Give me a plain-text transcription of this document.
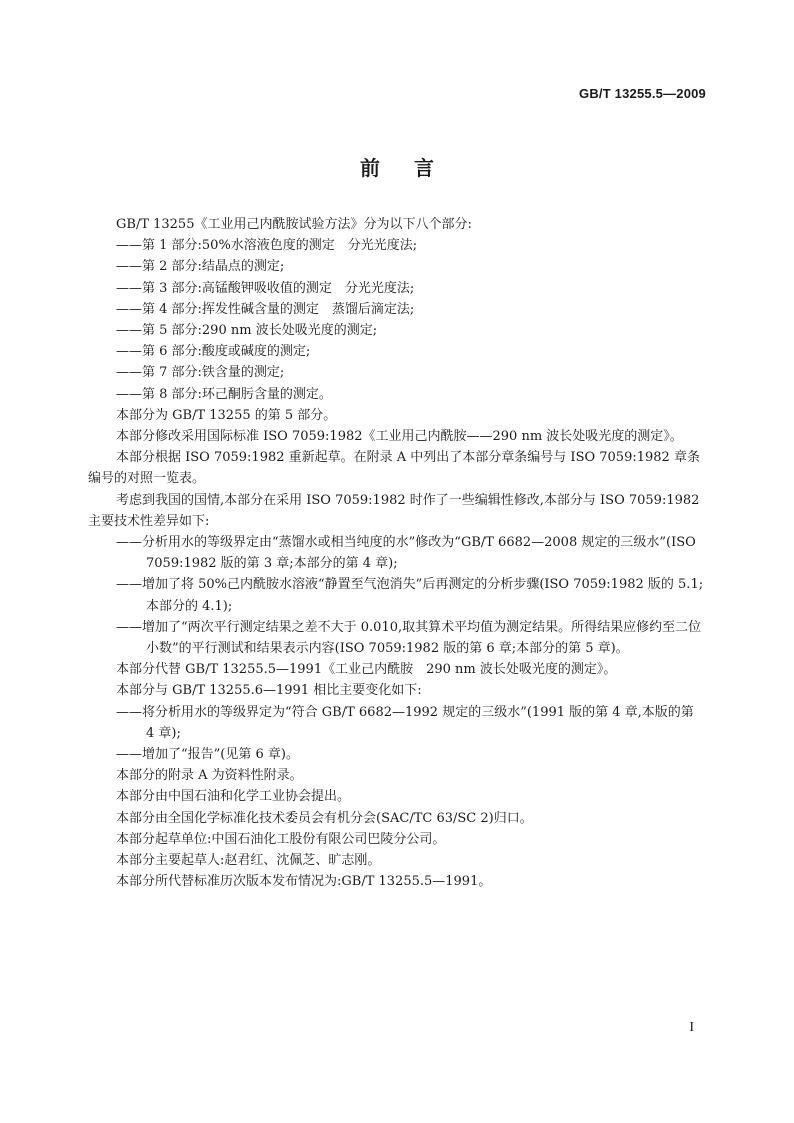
GB/T 13255.5—2009
前言

GB/T 13255《工业用己内酰胺试验方法》分为以下八个部分:

——第 1 部分:50%水溶液色度的测定　分光光度法;

——第 2 部分:结晶点的测定;

——第 3 部分:高锰酸钾吸收值的测定　分光光度法;

——第 4 部分:挥发性碱含量的测定　蒸馏后滴定法;

——第 5 部分:290 nm 波长处吸光度的测定;

——第 6 部分:酸度或碱度的测定;

——第 7 部分:铁含量的测定;

——第 8 部分:环己酮肟含量的测定。

本部分为 GB/T 13255 的第 5 部分。

本部分修改采用国际标准 ISO 7059:1982《工业用己内酰胺——290 nm 波长处吸光度的测定》。

本部分根据 ISO 7059:1982 重新起草。在附录 A 中列出了本部分章条编号与 ISO 7059:1982 章条编号的对照一览表。

考虑到我国的国情,本部分在采用 ISO 7059:1982 时作了一些编辑性修改,本部分与 ISO 7059:1982 主要技术性差异如下:

——分析用水的等级界定由“蒸馏水或相当纯度的水”修改为“GB/T 6682—2008 规定的三级水”(ISO 7059:1982 版的第 3 章;本部分的第 4 章);

——增加了将 50%己内酰胺水溶液“静置至气泡消失”后再测定的分析步骤(ISO 7059:1982 版的 5.1;本部分的 4.1);

——增加了“两次平行测定结果之差不大于 0.010,取其算术平均值为测定结果。所得结果应修约至二位小数”的平行测试和结果表示内容(ISO 7059:1982 版的第 6 章;本部分的第 5 章)。

本部分代替 GB/T 13255.5—1991《工业己内酰胺　290 nm 波长处吸光度的测定》。

本部分与 GB/T 13255.6—1991 相比主要变化如下:

——将分析用水的等级界定为“符合 GB/T 6682—1992 规定的三级水”(1991 版的第 4 章,本版的第 4 章);

——增加了“报告”(见第 6 章)。

本部分的附录 A 为资料性附录。

本部分由中国石油和化学工业协会提出。

本部分由全国化学标准化技术委员会有机分会(SAC/TC 63/SC 2)归口。

本部分起草单位:中国石油化工股份有限公司巴陵分公司。

本部分主要起草人:赵君红、沈佩芝、旷志刚。

本部分所代替标准历次版本发布情况为:GB/T 13255.5—1991。

I
